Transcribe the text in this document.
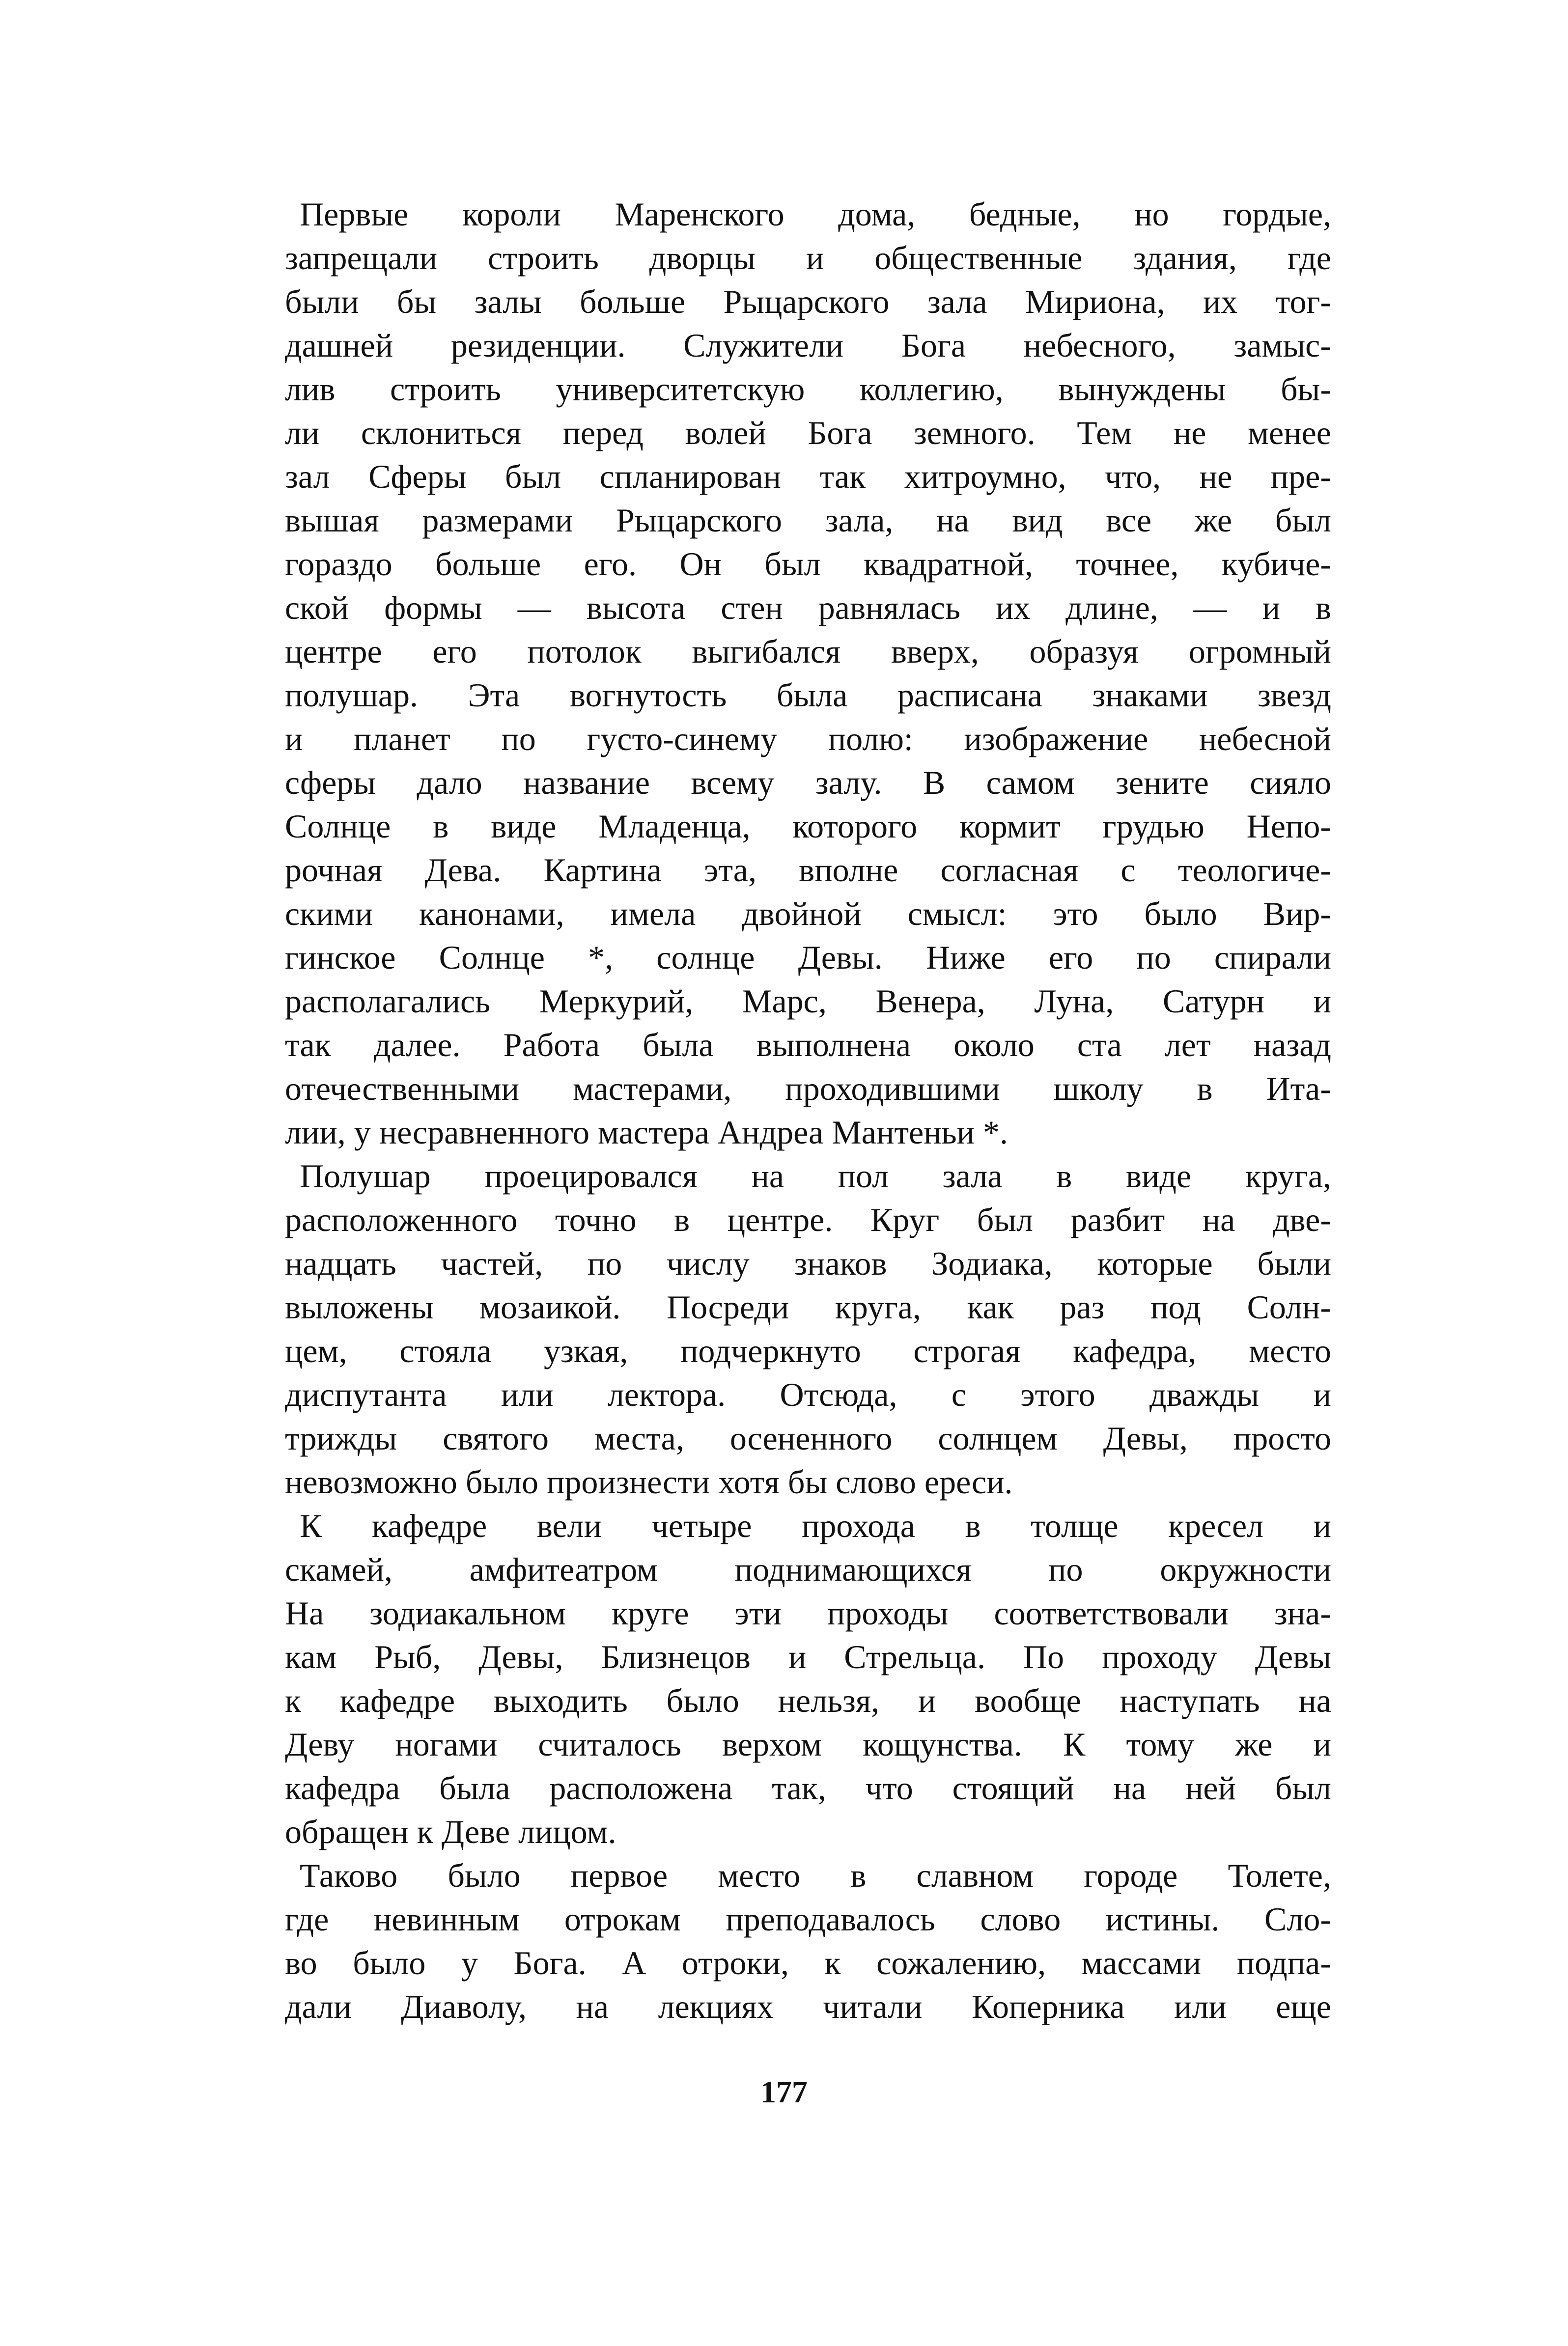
Первые короли Маренского дома, бедные, но гордые,
запрещали строить дворцы и общественные здания, где
были бы залы больше Рыцарского зала Мириона, их тог-
дашней резиденции. Служители Бога небесного, замыс-
лив строить университетскую коллегию, вынуждены бы-
ли склониться перед волей Бога земного. Тем не менее
зал Сферы был спланирован так хитроумно, что, не пре-
вышая размерами Рыцарского зала, на вид все же был
гораздо больше его. Он был квадратной, точнее, кубиче-
ской формы — высота стен равнялась их длине, — и в
центре его потолок выгибался вверх, образуя огромный
полушар. Эта вогнутость была расписана знаками звезд
и планет по густо-синему полю: изображение небесной
сферы дало название всему залу. В самом зените сияло
Солнце в виде Младенца, которого кормит грудью Непо-
рочная Дева. Картина эта, вполне согласная с теологиче-
скими канонами, имела двойной смысл: это было Вир-
гинское Солнце *, солнце Девы. Ниже его по спирали
располагались Меркурий, Марс, Венера, Луна, Сатурн и
так далее. Работа была выполнена около ста лет назад
отечественными мастерами, проходившими школу в Ита-
лии, у несравненного мастера Андреа Мантеньи *.
Полушар проецировался на пол зала в виде круга,
расположенного точно в центре. Круг был разбит на две-
надцать частей, по числу знаков Зодиака, которые были
выложены мозаикой. Посреди круга, как раз под Солн-
цем, стояла узкая, подчеркнуто строгая кафедра, место
диспутанта или лектора. Отсюда, с этого дважды и
трижды святого места, осененного солнцем Девы, просто
невозможно было произнести хотя бы слово ереси.
К кафедре вели четыре прохода в толще кресел и
скамей, амфитеатром поднимающихся по окружности
На зодиакальном круге эти проходы соответствовали зна-
кам Рыб, Девы, Близнецов и Стрельца. По проходу Девы
к кафедре выходить было нельзя, и вообще наступать на
Деву ногами считалось верхом кощунства. К тому же и
кафедра была расположена так, что стоящий на ней был
обращен к Деве лицом.
Таково было первое место в славном городе Толете,
где невинным отрокам преподавалось слово истины. Сло-
во было у Бога. А отроки, к сожалению, массами подпа-
дали Диаволу, на лекциях читали Коперника или еще
177
